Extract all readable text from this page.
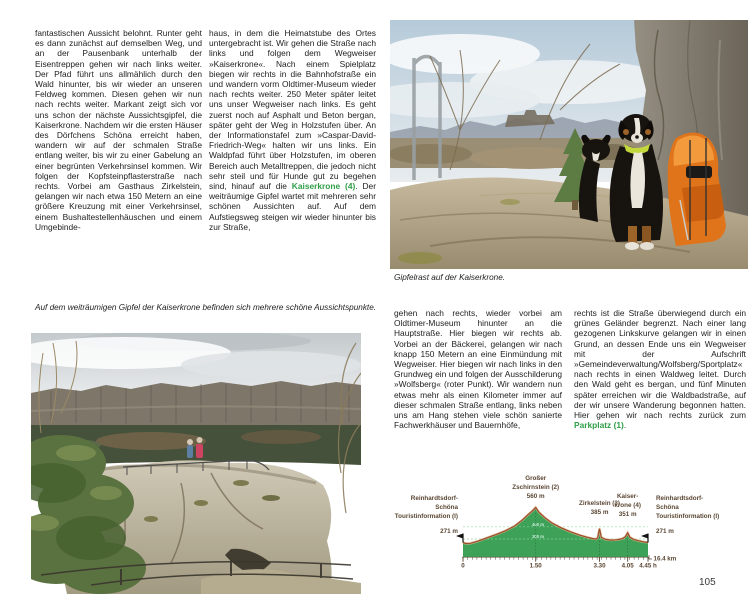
fantastischen Aussicht belohnt. Runter geht es dann zunächst auf demselben Weg, und an der Pausenbank unterhalb der Eisentreppen gehen wir nach links weiter. Der Pfad führt uns allmählich durch den Wald hinunter, bis wir wieder an unseren Feldweg kommen. Diesen gehen wir nun nach rechts weiter. Markant zeigt sich vor uns schon der nächste Aussichtsgipfel, die Kaiserkrone. Nachdem wir die ersten Häuser des Dörfchens Schöna erreicht haben, wandern wir auf der schmalen Straße entlang weiter, bis wir zu einer Gabelung an einer begrünten Verkehrsinsel kommen. Wir folgen der Kopfsteinpflasterstraße nach rechts. Vorbei am Gasthaus Zirkelstein, gelangen wir nach etwa 150 Metern an eine größere Kreuzung mit einer Verkehrsinsel, einem Bushaltestellenhäuschen und einem Umgebinde-

haus, in dem die Heimatstube des Ortes untergebracht ist. Wir gehen die Straße nach links und folgen dem Wegweiser »Kaiserkrone«. Nach einem Spielplatz biegen wir rechts in die Bahnhofstraße ein und wandern vorm Oldtimer-Museum wieder nach rechts weiter. 250 Meter später leitet uns unser Wegweiser nach links. Es geht zuerst noch auf Asphalt und Beton bergan, später geht der Weg in Holzstufen über. An der Informationstafel zum »Caspar-David-Friedrich-Weg« halten wir uns links. Ein Waldpfad führt über Holzstufen, im oberen Bereich auch Metalltreppen, die jedoch nicht sehr steil und für Hunde gut zu begehen sind, hinauf auf die Kaiserkrone (4). Der weiträumige Gipfel wartet mit mehreren sehr schönen Aussichten auf. Auf dem Aufstiegsweg steigen wir wieder hinunter bis zur Straße,

Gipfelrast auf der Kaiserkrone.

Auf dem weiträumigen Gipfel der Kaiserkrone befinden sich mehrere schöne Aussichtspunkte.

gehen nach rechts, wieder vorbei am Oldtimer-Museum hinunter an die Hauptstraße. Hier biegen wir rechts ab. Vorbei an der Bäckerei, gelangen wir nach knapp 150 Metern an eine Einmündung mit Wegweiser. Hier biegen wir nach links in den Grundweg ein und folgen der Ausschilderung »Wolfsberg« (roter Punkt). Wir wandern nun etwas mehr als einen Kilometer immer auf dieser schmalen Straße entlang, links neben uns am Hang stehen viele schön sanierte Fachwerkhäuser und Bauernhöfe,

rechts ist die Straße überwiegend durch ein grünes Geländer begrenzt. Nach einer lang gezogenen Linkskurve gelangen wir in einen Grund, an dessen Ende uns ein Wegweiser mit der Aufschrift »Gemeindeverwaltung/Wolfsberg/Sportplatz« nach rechts in einen Waldweg leitet. Durch den Wald geht es bergan, und fünf Minuten später erreichen wir die Waldbadstraße, auf der wir unsere Wanderung begonnen hatten. Hier gehen wir nach rechts zurück zum Parkplatz (1).

400 m
300 m
0	1.50	3.30	4.05 4.45 h
Reinhardtsdorf-
Schöna
Touristinformation (I)
271 m
Großer
Zschirnstein (2)
560 m
Zirkelstein (3)
385 m
Kaiser-
krone (4)
351 m
Reinhardtsdorf-
Schöna
Touristinformation (I)
271 m
16.4 km
105
